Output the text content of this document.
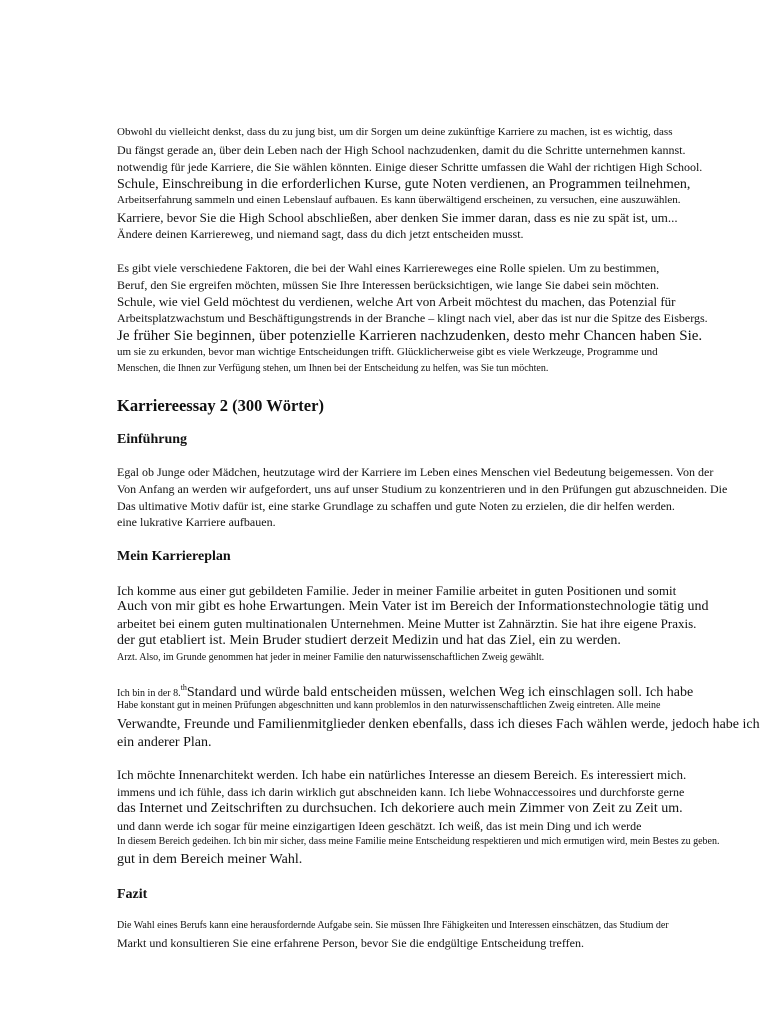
Obwohl du vielleicht denkst, dass du zu jung bist, um dir Sorgen um deine zukünftige Karriere zu machen, ist es wichtig, dass
Du fängst gerade an, über dein Leben nach der High School nachzudenken, damit du die Schritte unternehmen kannst.
notwendig für jede Karriere, die Sie wählen könnten. Einige dieser Schritte umfassen die Wahl der richtigen High School.
Schule, Einschreibung in die erforderlichen Kurse, gute Noten verdienen, an Programmen teilnehmen,
Arbeitserfahrung sammeln und einen Lebenslauf aufbauen. Es kann überwältigend erscheinen, zu versuchen, eine auszuwählen.
Karriere, bevor Sie die High School abschließen, aber denken Sie immer daran, dass es nie zu spät ist, um...
Ändere deinen Karriereweg, und niemand sagt, dass du dich jetzt entscheiden musst.
Es gibt viele verschiedene Faktoren, die bei der Wahl eines Karriereweges eine Rolle spielen. Um zu bestimmen,
Beruf, den Sie ergreifen möchten, müssen Sie Ihre Interessen berücksichtigen, wie lange Sie dabei sein möchten.
Schule, wie viel Geld möchtest du verdienen, welche Art von Arbeit möchtest du machen, das Potenzial für
Arbeitsplatzwachstum und Beschäftigungstrends in der Branche – klingt nach viel, aber das ist nur die Spitze des Eisbergs.
Je früher Sie beginnen, über potenzielle Karrieren nachzudenken, desto mehr Chancen haben Sie.
um sie zu erkunden, bevor man wichtige Entscheidungen trifft. Glücklicherweise gibt es viele Werkzeuge, Programme und
Menschen, die Ihnen zur Verfügung stehen, um Ihnen bei der Entscheidung zu helfen, was Sie tun möchten.
Karriereessay 2 (300 Wörter)
Einführung
Egal ob Junge oder Mädchen, heutzutage wird der Karriere im Leben eines Menschen viel Bedeutung beigemessen. Von der
Von Anfang an werden wir aufgefordert, uns auf unser Studium zu konzentrieren und in den Prüfungen gut abzuschneiden. Die
Das ultimative Motiv dafür ist, eine starke Grundlage zu schaffen und gute Noten zu erzielen, die dir helfen werden.
eine lukrative Karriere aufbauen.
Mein Karriereplan
Ich komme aus einer gut gebildeten Familie. Jeder in meiner Familie arbeitet in guten Positionen und somit
Auch von mir gibt es hohe Erwartungen. Mein Vater ist im Bereich der Informationstechnologie tätig und
arbeitet bei einem guten multinationalen Unternehmen. Meine Mutter ist Zahnärztin. Sie hat ihre eigene Praxis.
der gut etabliert ist. Mein Bruder studiert derzeit Medizin und hat das Ziel, ein zu werden.
Arzt. Also, im Grunde genommen hat jeder in meiner Familie den naturwissenschaftlichen Zweig gewählt.
Ich bin in der 8.$^{th}$Standard und würde bald entscheiden müssen, welchen Weg ich einschlagen soll. Ich habe
Habe konstant gut in meinen Prüfungen abgeschnitten und kann problemlos in den naturwissenschaftlichen Zweig eintreten. Alle meine
Verwandte, Freunde und Familienmitglieder denken ebenfalls, dass ich dieses Fach wählen werde, jedoch habe ich
ein anderer Plan.
Ich möchte Innenarchitekt werden. Ich habe ein natürliches Interesse an diesem Bereich. Es interessiert mich.
immens und ich fühle, dass ich darin wirklich gut abschneiden kann. Ich liebe Wohnaccessoires und durchforste gerne
das Internet und Zeitschriften zu durchsuchen. Ich dekoriere auch mein Zimmer von Zeit zu Zeit um.
und dann werde ich sogar für meine einzigartigen Ideen geschätzt. Ich weiß, das ist mein Ding und ich werde
In diesem Bereich gedeihen. Ich bin mir sicher, dass meine Familie meine Entscheidung respektieren und mich ermutigen wird, mein Bestes zu geben.
gut in dem Bereich meiner Wahl.
Fazit
Die Wahl eines Berufs kann eine herausfordernde Aufgabe sein. Sie müssen Ihre Fähigkeiten und Interessen einschätzen, das Studium der
Markt und konsultieren Sie eine erfahrene Person, bevor Sie die endgültige Entscheidung treffen.
